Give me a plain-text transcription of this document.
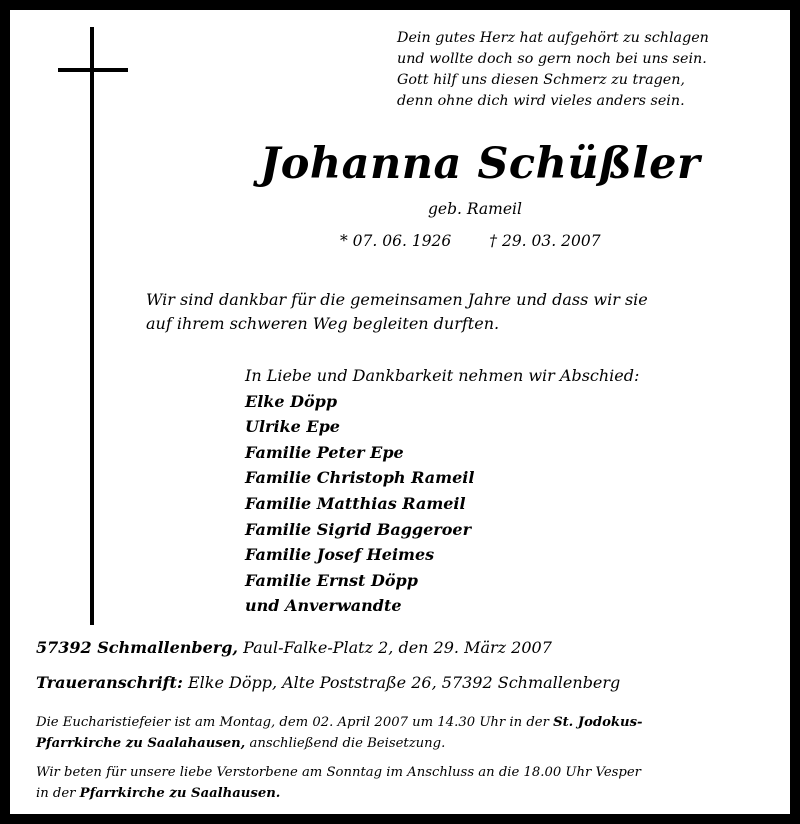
Dein gutes Herz hat aufgehört zu schlagen
und wollte doch so gern noch bei uns sein.
Gott hilf uns diesen Schmerz zu tragen,
denn ohne dich wird vieles anders sein.
Johanna Schüßler
geb. Rameil
* 07. 06. 1926 † 29. 03. 2007
Wir sind dankbar für die gemeinsamen Jahre und dass wir sie
auf ihrem schweren Weg begleiten durften.
In Liebe und Dankbarkeit nehmen wir Abschied:
Elke Döpp
Ulrike Epe
Familie Peter Epe
Familie Christoph Rameil
Familie Matthias Rameil
Familie Sigrid Baggeroer
Familie Josef Heimes
Familie Ernst Döpp
und Anverwandte
57392 Schmallenberg, Paul-Falke-Platz 2, den 29. März 2007
Traueranschrift: Elke Döpp, Alte Poststraße 26, 57392 Schmallenberg
Die Eucharistiefeier ist am Montag, dem 02. April 2007 um 14.30 Uhr in der St. Jodokus-
Pfarrkirche zu Saalahausen, anschließend die Beisetzung.
Wir beten für unsere liebe Verstorbene am Sonntag im Anschluss an die 18.00 Uhr Vesper
in der Pfarrkirche zu Saalhausen.
